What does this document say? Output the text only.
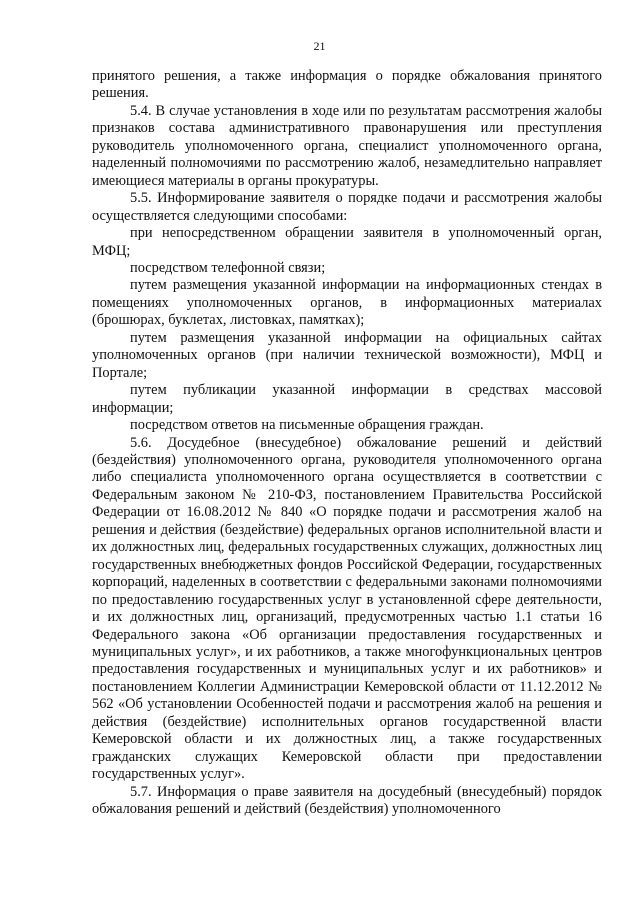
21

принятого решения, а также информация о порядке обжалования принятого решения.

5.4. В случае установления в ходе или по результатам рассмотрения жалобы признаков состава административного правонарушения или преступления руководитель уполномоченного органа, специалист уполномоченного органа, наделенный полномочиями по рассмотрению жалоб, незамедлительно направляет имеющиеся материалы в органы прокуратуры.

5.5. Информирование заявителя о порядке подачи и рассмотрения жалобы осуществляется следующими способами:

при непосредственном обращении заявителя в уполномоченный орган, МФЦ;

посредством телефонной связи;

путем размещения указанной информации на информационных стендах в помещениях уполномоченных органов, в информационных материалах (брошюрах, буклетах, листовках, памятках);

путем размещения указанной информации на официальных сайтах уполномоченных органов (при наличии технической возможности), МФЦ и Портале;

путем публикации указанной информации в средствах массовой информации;

посредством ответов на письменные обращения граждан.

5.6. Досудебное (внесудебное) обжалование решений и действий (бездействия) уполномоченного органа, руководителя уполномоченного органа либо специалиста уполномоченного органа осуществляется в соответствии с Федеральным законом № 210-ФЗ, постановлением Правительства Российской Федерации от 16.08.2012 № 840 «О порядке подачи и рассмотрения жалоб на решения и действия (бездействие) федеральных органов исполнительной власти и их должностных лиц, федеральных государственных служащих, должностных лиц государственных внебюджетных фондов Российской Федерации, государственных корпораций, наделенных в соответствии с федеральными законами полномочиями по предоставлению государственных услуг в установленной сфере деятельности, и их должностных лиц, организаций, предусмотренных частью 1.1 статьи 16 Федерального закона «Об организации предоставления государственных и муниципальных услуг», и их работников, а также многофункциональных центров предоставления государственных и муниципальных услуг и их работников» и постановлением Коллегии Администрации Кемеровской области от 11.12.2012 № 562 «Об установлении Особенностей подачи и рассмотрения жалоб на решения и действия (бездействие) исполнительных органов государственной власти Кемеровской области и их должностных лиц, а также государственных гражданских служащих Кемеровской области при предоставлении государственных услуг».

5.7. Информация о праве заявителя на досудебный (внесудебный) порядок обжалования решений и действий (бездействия) уполномоченного
